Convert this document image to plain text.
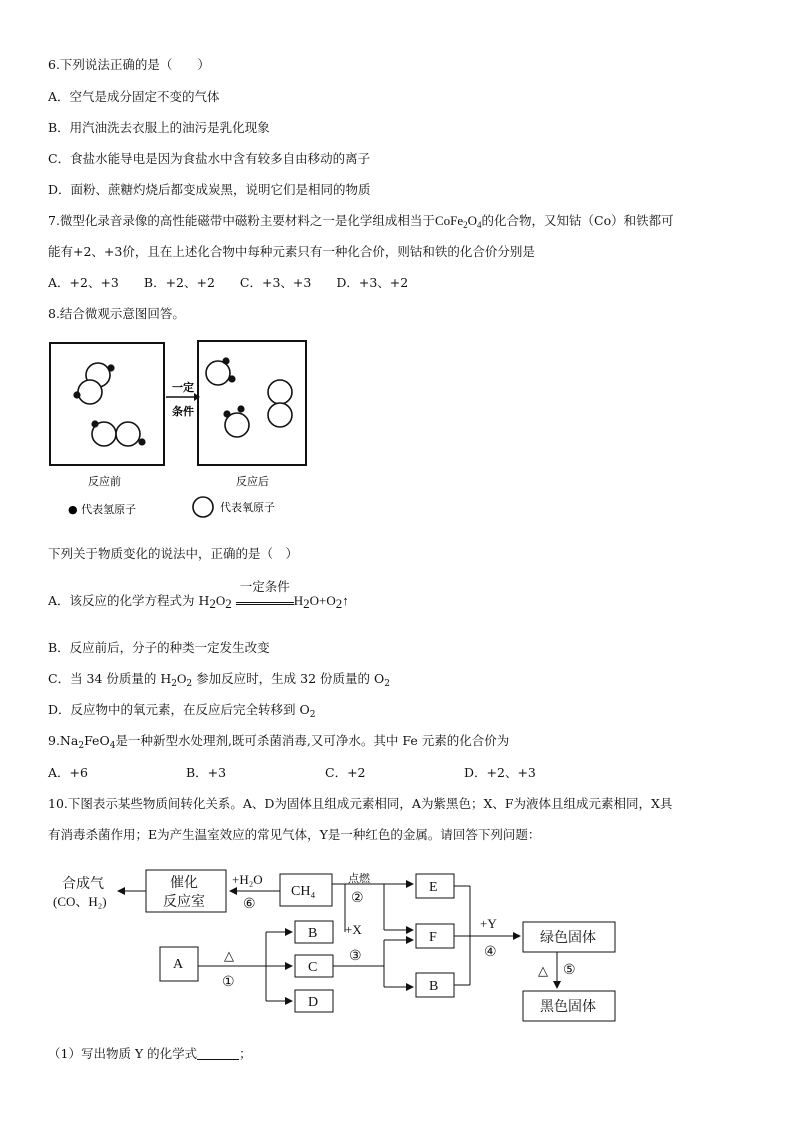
6.下列说法正确的是（　　）
A．空气是成分固定不变的气体
B．用汽油洗去衣服上的油污是乳化现象
C．食盐水能导电是因为食盐水中含有较多自由移动的离子
D．面粉、蔗糖灼烧后都变成炭黑，说明它们是相同的物质
7.微型化录音录像的高性能磁带中磁粉主要材料之一是化学组成相当于$CoFe_2O_4$的化合物，又知钴（Co）和铁都可
能有+2、+3价，且在上述化合物中每种元素只有一种化合价，则钴和铁的化合价分别是
A．+2、+3　　B．+2、+2　　C．+3、+3　　D．+3、+2
8.结合微观示意图回答。
一定
条件
反应前	反应后
● 代表氢原子	代表氧原子
下列关于物质变化的说法中，正确的是（　）
A．该反应的化学方程式为 $H_2O_2$
一定条件
$H_2O+O_2↑$
B．反应前后，分子的种类一定发生改变
C．当 34 份质量的 $H_2O_2$ 参加反应时，生成 32 份质量的 $O_2$
D．反应物中的氧元素，在反应后完全转移到 $O_2$
$9.Na_2FeO_4$是一种新型水处理剂,既可杀菌消毒,又可净水。其中 Fe 元素的化合价为
A．+6	B．+3	C．+2	D．+2、+3
10.下图表示某些物质间转化关系。A、D为固体且组成元素相同，A为紫黑色；X、F为液体且组成元素相同，X具
有消毒杀菌作用；E为产生温室效应的常见气体，Y是一种红色的金属。请回答下列问题：
合成气
(CO、H₂)
催化
反应室
CH₄
+H₂O
⑥
点燃
②
E
A
△
①
B +X
C
D
③
F
B
+Y
④
绿色固体
△ ⑤
黑色固体
（1）写出物质 Y 的化学式	；
